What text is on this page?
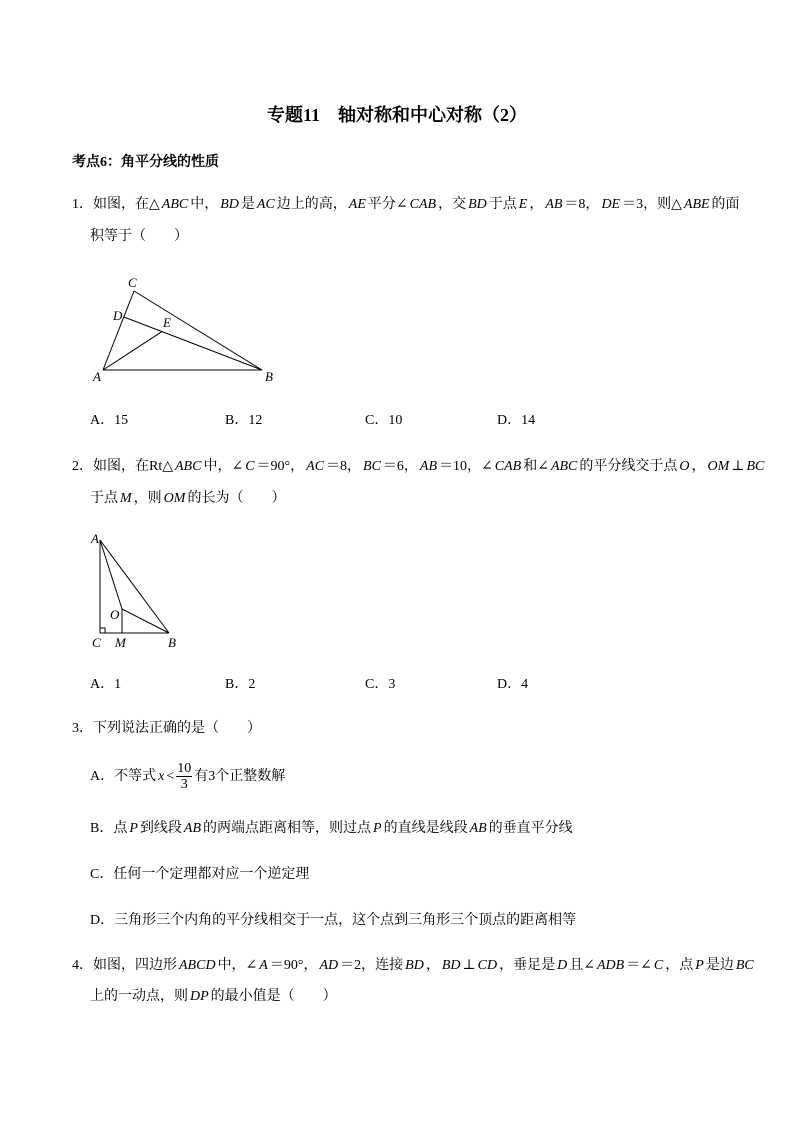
专题11　轴对称和中心对称（2）
考点6：角平分线的性质
1．如图，在△ ABC 中， BD 是 AC 边上的高， AE 平分∠ CAB ，交 BD 于点 E ， AB ＝8， DE ＝3，则△ ABE 的面
积等于（　　）
C
D	E
A	B
A．15	B．12	C．10	D．14
2．如图，在Rt△ ABC 中，∠ C ＝90°， AC ＝8， BC ＝6， AB ＝10，∠ CAB 和∠ ABC 的平分线交于点 O ， OM ⊥ BC
于点 M ，则 OM 的长为（　　）
A
O
C M	B
A．1	B．2	C．3	D．4
3．下列说法正确的是（　　）
A．不等式 $x < \frac{10}{3}$ 有3个正整数解
B．点 P 到线段 AB 的两端点距离相等，则过点 P 的直线是线段 AB 的垂直平分线
C．任何一个定理都对应一个逆定理
D．三角形三个内角的平分线相交于一点，这个点到三角形三个顶点的距离相等
4．如图，四边形 ABCD 中，∠ A ＝90°， AD ＝2，连接 BD ， BD ⊥ CD ，垂足是 D 且∠ ADB ＝∠ C ，点 P 是边 BC
上的一动点，则 DP 的最小值是（　　）
